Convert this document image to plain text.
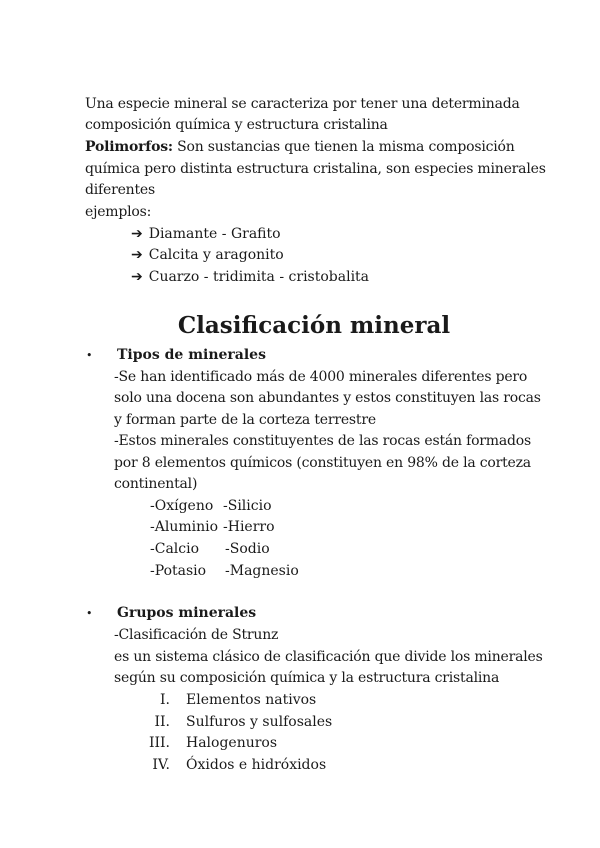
Una especie mineral se caracteriza por tener una determinada
composición química y estructura cristalina
Polimorfos: Son sustancias que tienen la misma composición
química pero distinta estructura cristalina, son especies minerales
diferentes
ejemplos:
➔ Diamante - Grafito
➔ Calcita y aragonito
➔ Cuarzo - tridimita - cristobalita
Clasificación mineral
• Tipos de minerales
-Se han identificado más de 4000 minerales diferentes pero
solo una docena son abundantes y estos constituyen las rocas
y forman parte de la corteza terrestre
-Estos minerales constituyentes de las rocas están formados
por 8 elementos químicos (constituyen en 98% de la corteza
continental)
-Oxígeno -Silicio
-Aluminio -Hierro
-Calcio -Sodio
-Potasio -Magnesio
• Grupos minerales
-Clasificación de Strunz
es un sistema clásico de clasificación que divide los minerales
según su composición química y la estructura cristalina
I. Elementos nativos
II. Sulfuros y sulfosales
III. Halogenuros
IV. Óxidos e hidróxidos
